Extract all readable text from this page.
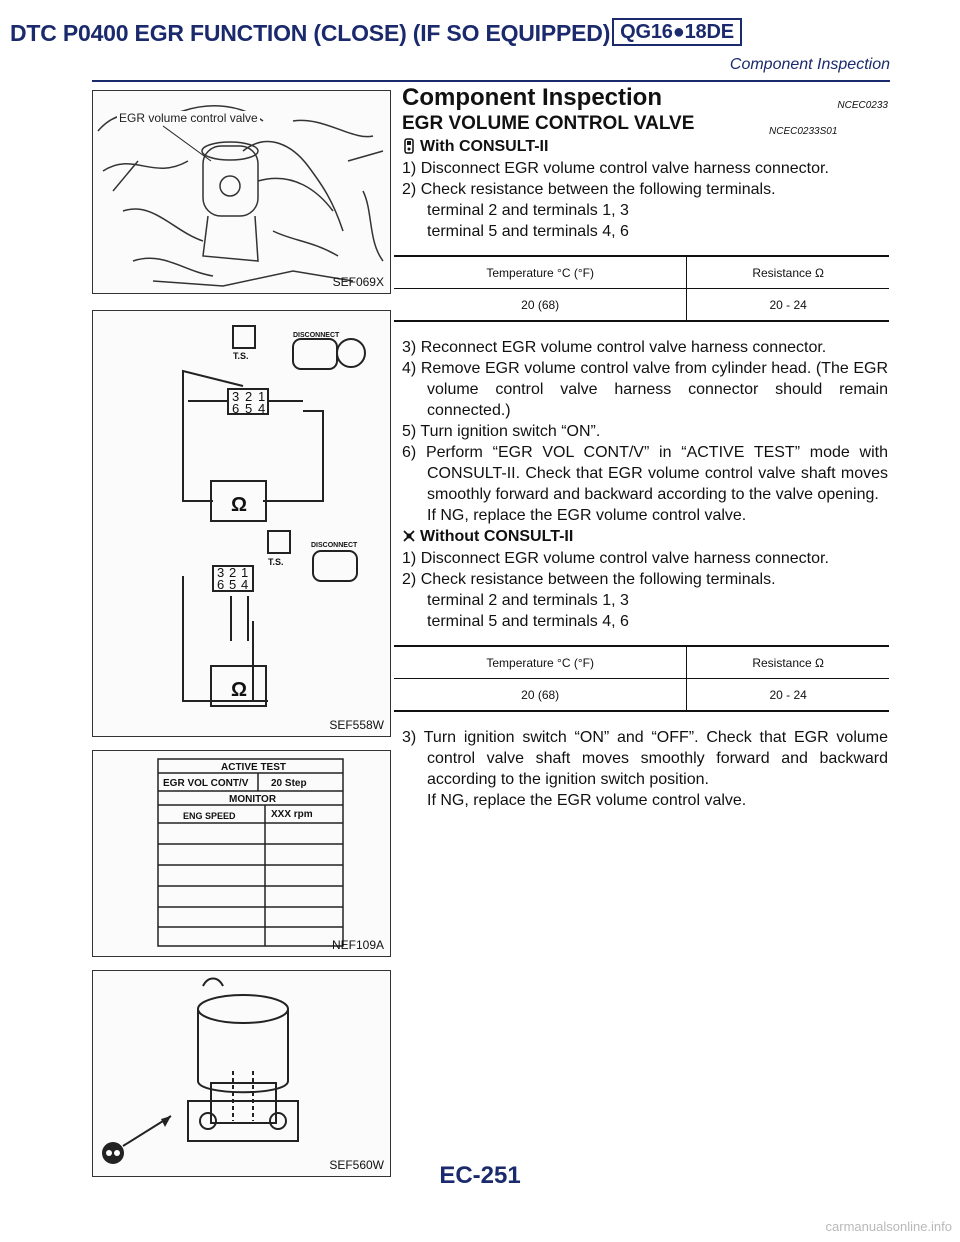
DTC P0400 EGR FUNCTION (CLOSE) (IF SO EQUIPPED) QG16●18DE
Component Inspection
EGR volume control valve
SEF069X
DISCONNECT
T.S.
Ω
3 2 1
6 5 4
DISCONNECT
T.S.
Ω
3 2 1
6 5 4
SEF558W
ACTIVE TEST
EGR VOL CONT/V 20 Step
MONITOR
ENG SPEED	XXX rpm
NEF109A
SEF560W
Component Inspection	NCEC0233
EGR VOLUME CONTROL VALVE	NCEC0233S01
With CONSULT-II

1) Disconnect EGR volume control valve harness connector.

2) Check resistance between the following terminals.
terminal 2 and terminals 1, 3
terminal 5 and terminals 4, 6

Temperature °C (°F)	Resistance Ω
20 (68)	20 - 24

3) Reconnect EGR volume control valve harness connector.

4) Remove EGR volume control valve from cylinder head. (The EGR volume control valve harness connector should remain connected.)

5) Turn ignition switch “ON”.

6) Perform “EGR VOL CONT/V” in “ACTIVE TEST” mode with CONSULT-II. Check that EGR volume control valve shaft moves smoothly forward and backward according to the valve opening.
If NG, replace the EGR volume control valve.

Without CONSULT-II

1) Disconnect EGR volume control valve harness connector.

2) Check resistance between the following terminals.
terminal 2 and terminals 1, 3
terminal 5 and terminals 4, 6

Temperature °C (°F)	Resistance Ω
20 (68)	20 - 24

3) Turn ignition switch “ON” and “OFF”. Check that EGR volume control valve shaft moves smoothly forward and backward according to the ignition switch position.
If NG, replace the EGR volume control valve.

EC-251
carmanualsonline.info
